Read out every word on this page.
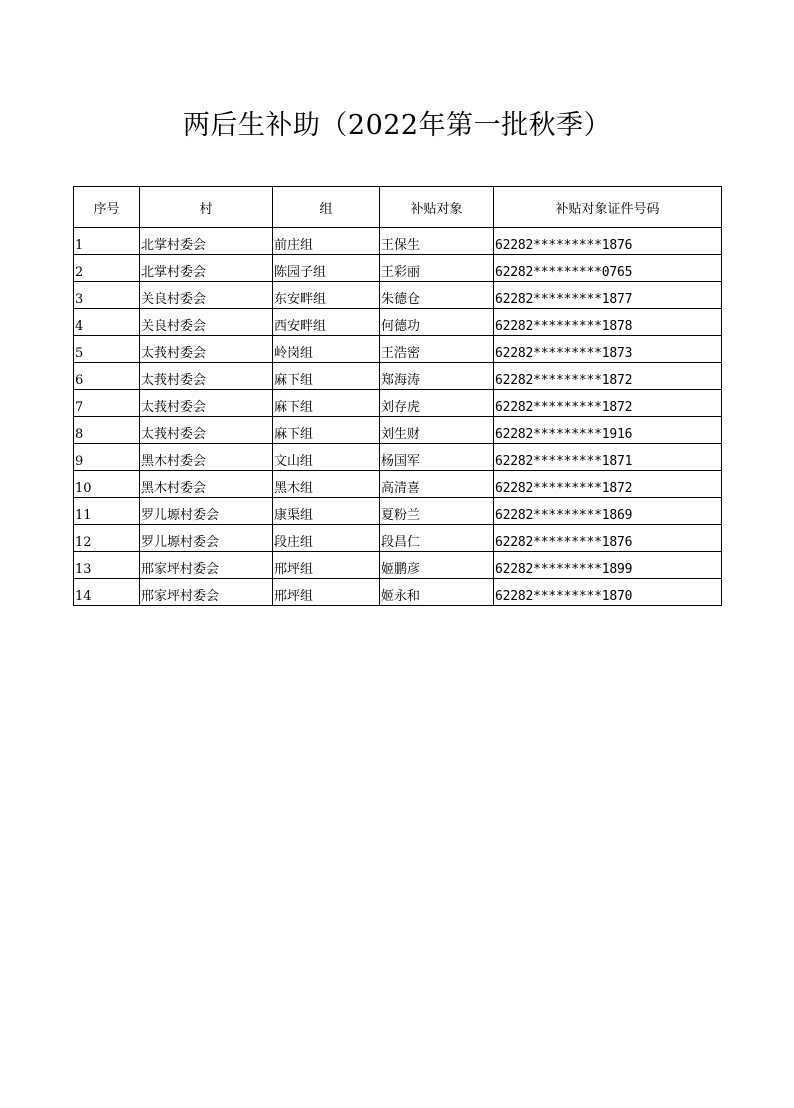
两后生补助（2022年第一批秋季）
序号	村	组	补贴对象	补贴对象证件号码
1	北掌村委会	前庄组	王保生	62282*********1876
2	北掌村委会	陈园子组	王彩丽	62282*********0765
3	关良村委会	东安畔组	朱德仓	62282*********1877
4	关良村委会	西安畔组	何德功	62282*********1878
5	太莪村委会	岭岗组	王浩密	62282*********1873
6	太莪村委会	麻下组	郑海涛	62282*********1872
7	太莪村委会	麻下组	刘存虎	62282*********1872
8	太莪村委会	麻下组	刘生财	62282*********1916
9	黑木村委会	文山组	杨国军	62282*********1871
10	黑木村委会	黑木组	高清喜	62282*********1872
11	罗儿塬村委会	康渠组	夏粉兰	62282*********1869
12	罗儿塬村委会	段庄组	段昌仁	62282*********1876
13	邢家坪村委会	邢坪组	姬鹏彦	62282*********1899
14	邢家坪村委会	邢坪组	姬永和	62282*********1870
